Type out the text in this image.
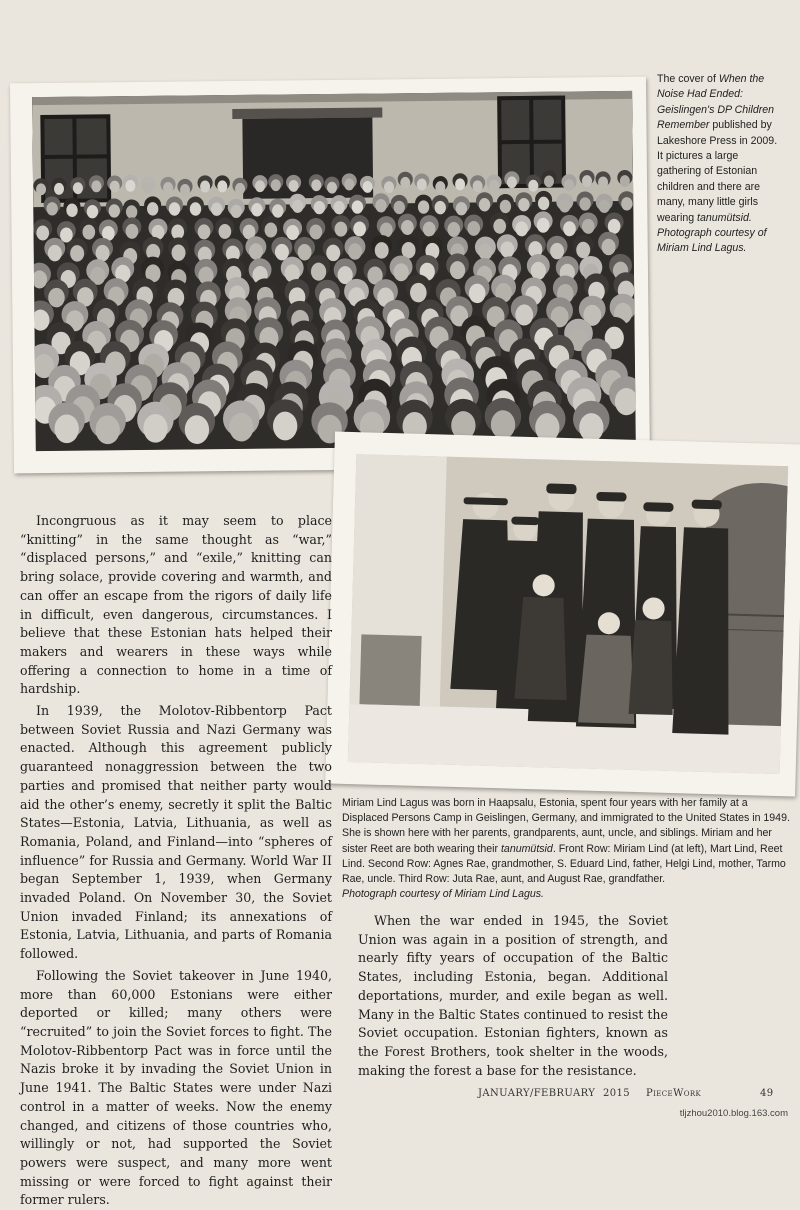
The cover of When the Noise Had Ended: Geislingen's DP Children Remember published by Lakeshore Press in 2009. It pictures a large gathering of Estonian children and there are many, many little girls wearing tanumütsid. Photograph courtesy of Miriam Lind Lagus.
Miriam Lind Lagus was born in Haapsalu, Estonia, spent four years with her family at a Displaced Persons Camp in Geislingen, Germany, and immigrated to the United States in 1949. She is shown here with her parents, grandparents, aunt, uncle, and siblings. Miriam and her sister Reet are both wearing their tanumütsid. Front Row: Miriam Lind (at left), Mart Lind, Reet Lind. Second Row: Agnes Rae, grandmother, S. Eduard Lind, father, Helgi Lind, mother, Tarmo Rae, uncle. Third Row: Juta Rae, aunt, and August Rae, grandfather.
Photograph courtesy of Miriam Lind Lagus.

Incongruous as it may seem to place “knitting” in the same thought as “war,” “displaced persons,” and “exile,” knitting can bring solace, provide covering and warmth, and can offer an escape from the rigors of daily life in difficult, even dangerous, circumstances. I believe that these Estonian hats helped their makers and wearers in these ways while offering a connection to home in a time of hardship.

In 1939, the Molotov-Ribbentorp Pact between Soviet Russia and Nazi Germany was enacted. Although this agreement publicly guaranteed nonaggression between the two parties and promised that neither party would aid the other’s enemy, secretly it split the Baltic States—Estonia, Latvia, Lithuania, as well as Romania, Poland, and Finland—into “spheres of influence” for Russia and Germany. World War II began September 1, 1939, when Germany invaded Poland. On November 30, the Soviet Union invaded Finland; its annexations of Estonia, Latvia, Lithuania, and parts of Romania followed.

Following the Soviet takeover in June 1940, more than 60,000 Estonians were either deported or killed; many others were “recruited” to join the Soviet forces to fight. The Molotov-Ribbentorp Pact was in force until the Nazis broke it by invading the Soviet Union in June 1941. The Baltic States were under Nazi control in a matter of weeks. Now the enemy changed, and citizens of those countries who, willingly or not, had supported the Soviet powers were suspect, and many more went missing or were forced to fight against their former rulers.

When the war ended in 1945, the Soviet Union was again in a position of strength, and nearly fifty years of occupation of the Baltic States, including Estonia, began. Additional deportations, murder, and exile began as well. Many in the Baltic States continued to resist the Soviet occupation. Estonian fighters, known as the Forest Brothers, took shelter in the woods, making the forest a base for the resistance.

JANUARY/FEBRUARY 2015 PieceWork	49
tljzhou2010.blog.163.com
